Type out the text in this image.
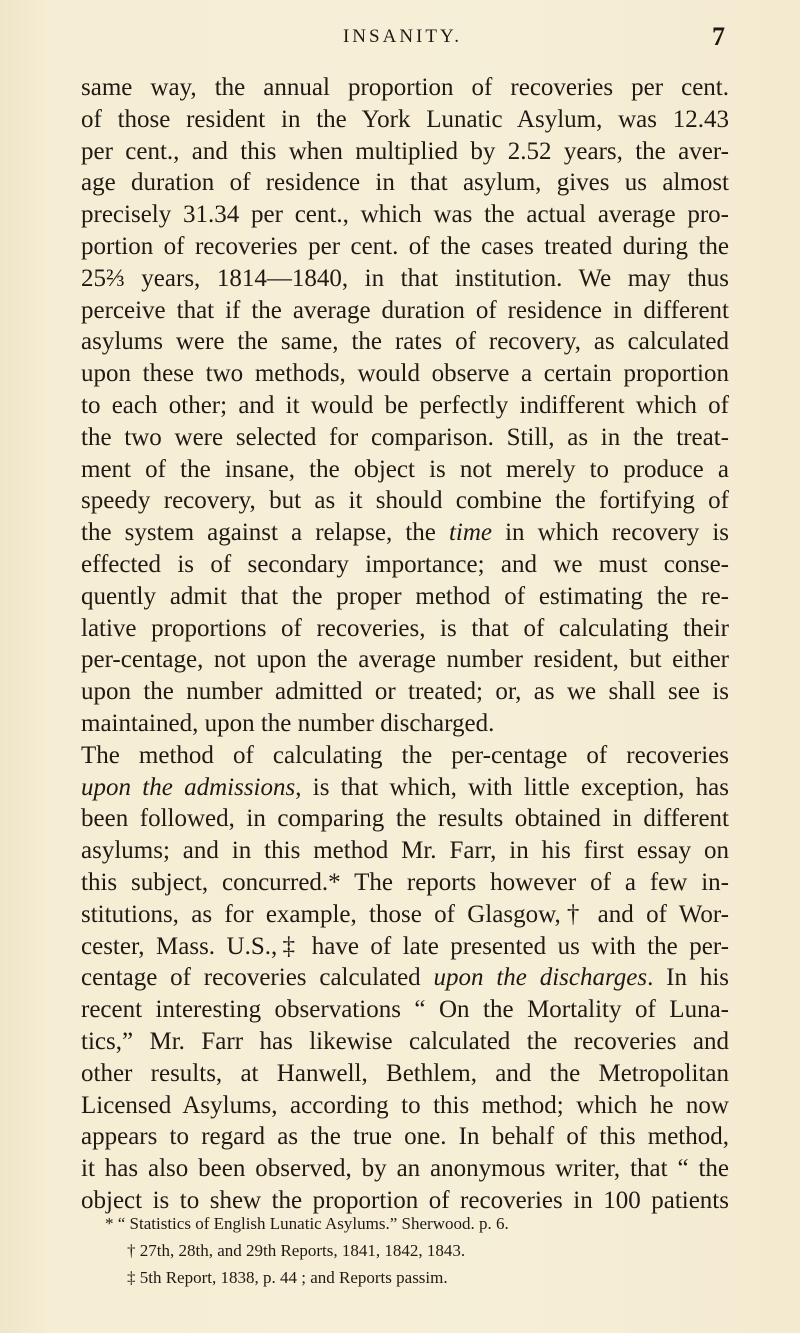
INSANITY.	7
same way, the annual proportion of recoveries per cent.
of those resident in the York Lunatic Asylum, was 12.43
per cent., and this when multiplied by 2.52 years, the aver-
age duration of residence in that asylum, gives us almost
precisely 31.34 per cent., which was the actual average pro-
portion of recoveries per cent. of the cases treated during the
25⅔ years, 1814—1840, in that institution. We may thus
perceive that if the average duration of residence in different
asylums were the same, the rates of recovery, as calculated
upon these two methods, would observe a certain proportion
to each other; and it would be perfectly indifferent which of
the two were selected for comparison. Still, as in the treat-
ment of the insane, the object is not merely to produce a
speedy recovery, but as it should combine the fortifying of
the system against a relapse, the time in which recovery is
effected is of secondary importance; and we must conse-
quently admit that the proper method of estimating the re-
lative proportions of recoveries, is that of calculating their
per-centage, not upon the average number resident, but either
upon the number admitted or treated; or, as we shall see is
maintained, upon the number discharged.
The method of calculating the per-centage of recoveries
upon the admissions, is that which, with little exception, has
been followed, in comparing the results obtained in different
asylums; and in this method Mr. Farr, in his first essay on
this subject, concurred.* The reports however of a few in-
stitutions, as for example, those of Glasgow,† and of Wor-
cester, Mass. U.S.,‡ have of late presented us with the per-
centage of recoveries calculated upon the discharges. In his
recent interesting observations “ On the Mortality of Luna-
tics,” Mr. Farr has likewise calculated the recoveries and
other results, at Hanwell, Bethlem, and the Metropolitan
Licensed Asylums, according to this method; which he now
appears to regard as the true one. In behalf of this method,
it has also been observed, by an anonymous writer, that “ the
object is to shew the proportion of recoveries in 100 patients
* “ Statistics of English Lunatic Asylums.” Sherwood. p. 6.
† 27th, 28th, and 29th Reports, 1841, 1842, 1843.
‡ 5th Report, 1838, p. 44 ; and Reports passim.
